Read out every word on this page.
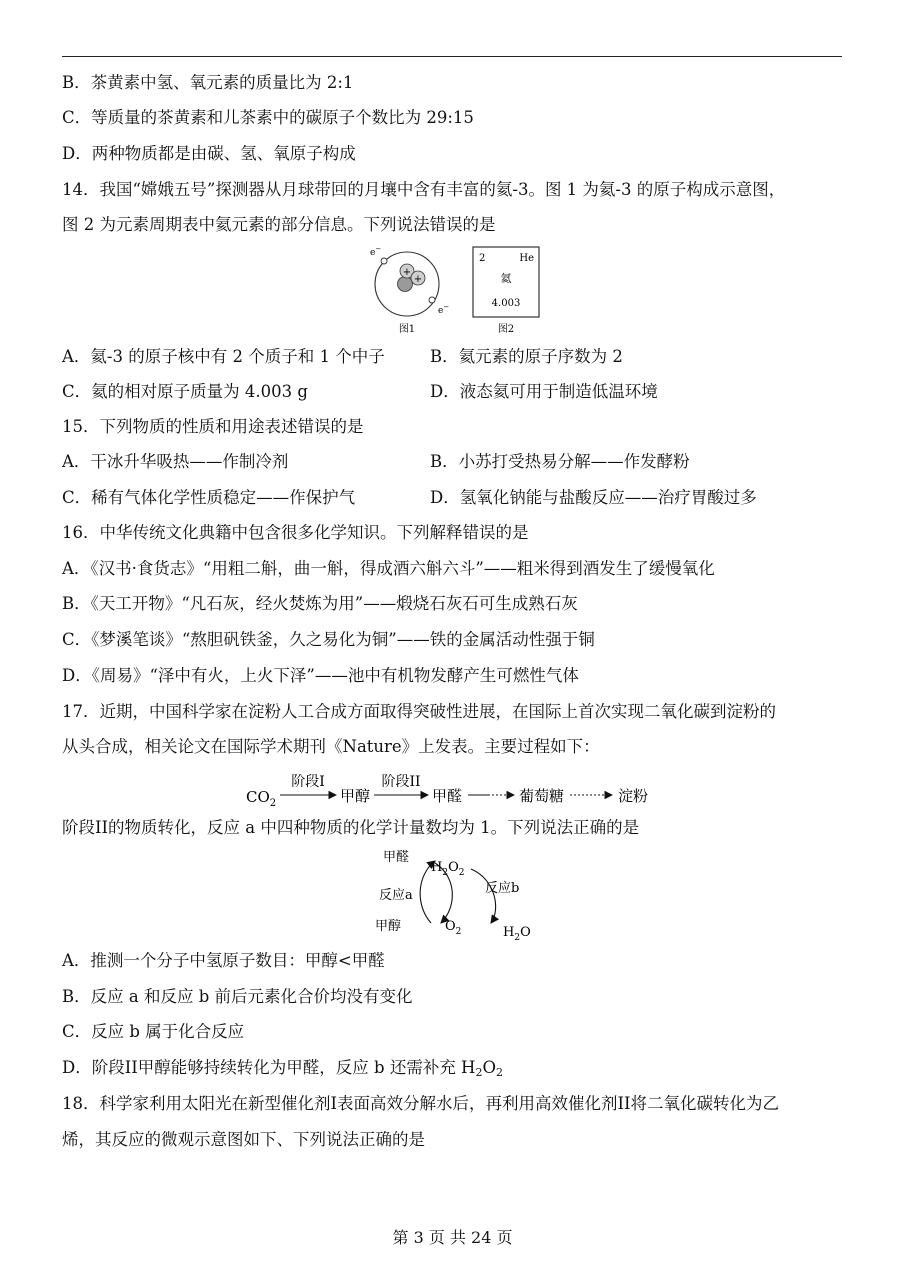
B．茶黄素中氢、氧元素的质量比为 2:1
C．等质量的茶黄素和儿茶素中的碳原子个数比为 29:15
D．两种物质都是由碳、氢、氧原子构成
14．我国“嫦娥五号”探测器从月球带回的月壤中含有丰富的氦-3。图 1 为氦-3 的原子构成示意图，
图 2 为元素周期表中氦元素的部分信息。下列说法错误的是
+
+
e−
e−
图1
2	He
氦
4.003
图2
A．氦-3 的原子核中有 2 个质子和 1 个中子	B．氦元素的原子序数为 2
C．氦的相对原子质量为 4.003 g	D．液态氦可用于制造低温环境
15．下列物质的性质和用途表述错误的是
A．干冰升华吸热——作制冷剂	B．小苏打受热易分解——作发酵粉
C．稀有气体化学性质稳定——作保护气	D．氢氧化钠能与盐酸反应——治疗胃酸过多
16．中华传统文化典籍中包含很多化学知识。下列解释错误的是
A．《汉书·食货志》“用粗二斛，曲一斛，得成酒六斛六斗”——粗米得到酒发生了缓慢氧化
B．《天工开物》“凡石灰，经火焚炼为用”——煅烧石灰石可生成熟石灰
C．《梦溪笔谈》“熬胆矾铁釜，久之易化为铜”——铁的金属活动性强于铜
D．《周易》“泽中有火，上火下泽”——池中有机物发酵产生可燃性气体
17．近期，中国科学家在淀粉人工合成方面取得突破性进展，在国际上首次实现二氧化碳到淀粉的
从头合成，相关论文在国际学术期刊《Nature》上发表。主要过程如下：
$CO_2$
阶段I
甲醇
阶段II
甲醛	葡萄糖	淀粉
阶段II的物质转化，反应 a 中四种物质的化学计量数均为 1。下列说法正确的是
甲醛
反应a
甲醇
$H_2O_2$
$O_2$
反应b
$H_2O$
A．推测一个分子中氢原子数目：甲醇<甲醛
B．反应 a 和反应 b 前后元素化合价均没有变化
C．反应 b 属于化合反应
D．阶段II甲醇能够持续转化为甲醛，反应 b 还需补充 $H_2O_2$
18．科学家利用太阳光在新型催化剂I表面高效分解水后，再利用高效催化剂II将二氧化碳转化为乙
烯，其反应的微观示意图如下、下列说法正确的是
第 3 页 共 24 页
